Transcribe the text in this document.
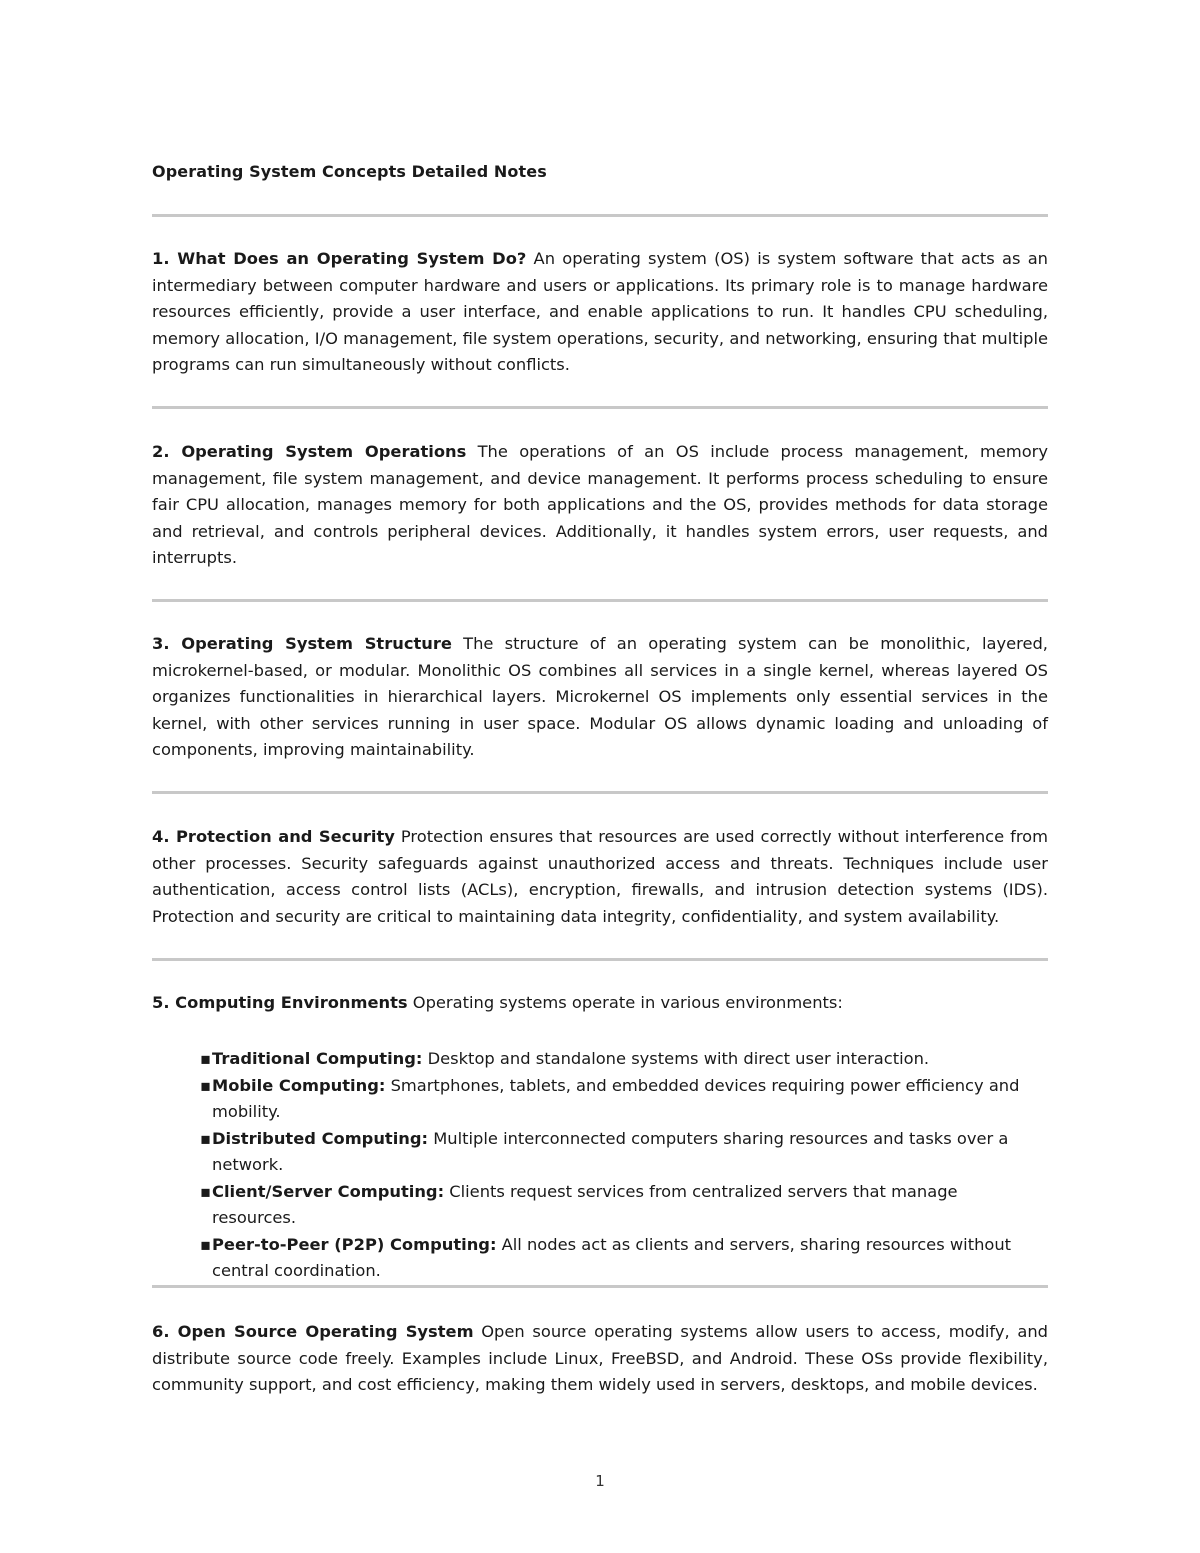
Operating System Concepts Detailed Notes
1. What Does an Operating System Do? An operating system (OS) is system software that acts as an intermediary between computer hardware and users or applications. Its primary role is to manage hardware resources efficiently, provide a user interface, and enable applications to run. It handles CPU scheduling, memory allocation, I/O management, file system operations, security, and networking, ensuring that multiple programs can run simultaneously without conflicts.
2. Operating System Operations The operations of an OS include process management, memory management, file system management, and device management. It performs process scheduling to ensure fair CPU allocation, manages memory for both applications and the OS, provides methods for data storage and retrieval, and controls peripheral devices. Additionally, it handles system errors, user requests, and interrupts.
3. Operating System Structure The structure of an operating system can be monolithic, layered, microkernel-based, or modular. Monolithic OS combines all services in a single kernel, whereas layered OS organizes functionalities in hierarchical layers. Microkernel OS implements only essential services in the kernel, with other services running in user space. Modular OS allows dynamic loading and unloading of components, improving maintainability.
4. Protection and Security Protection ensures that resources are used correctly without interference from other processes. Security safeguards against unauthorized access and threats. Techniques include user authentication, access control lists (ACLs), encryption, firewalls, and intrusion detection systems (IDS). Protection and security are critical to maintaining data integrity, confidentiality, and system availability.
5. Computing Environments Operating systems operate in various environments:
▪ Traditional Computing: Desktop and standalone systems with direct user interaction.
▪ Mobile Computing: Smartphones, tablets, and embedded devices requiring power efficiency and mobility.
▪ Distributed Computing: Multiple interconnected computers sharing resources and tasks over a network.
▪ Client/Server Computing: Clients request services from centralized servers that manage resources.
▪ Peer-to-Peer (P2P) Computing: All nodes act as clients and servers, sharing resources without central coordination.
6. Open Source Operating System Open source operating systems allow users to access, modify, and distribute source code freely. Examples include Linux, FreeBSD, and Android. These OSs provide flexibility, community support, and cost efficiency, making them widely used in servers, desktops, and mobile devices.
1
